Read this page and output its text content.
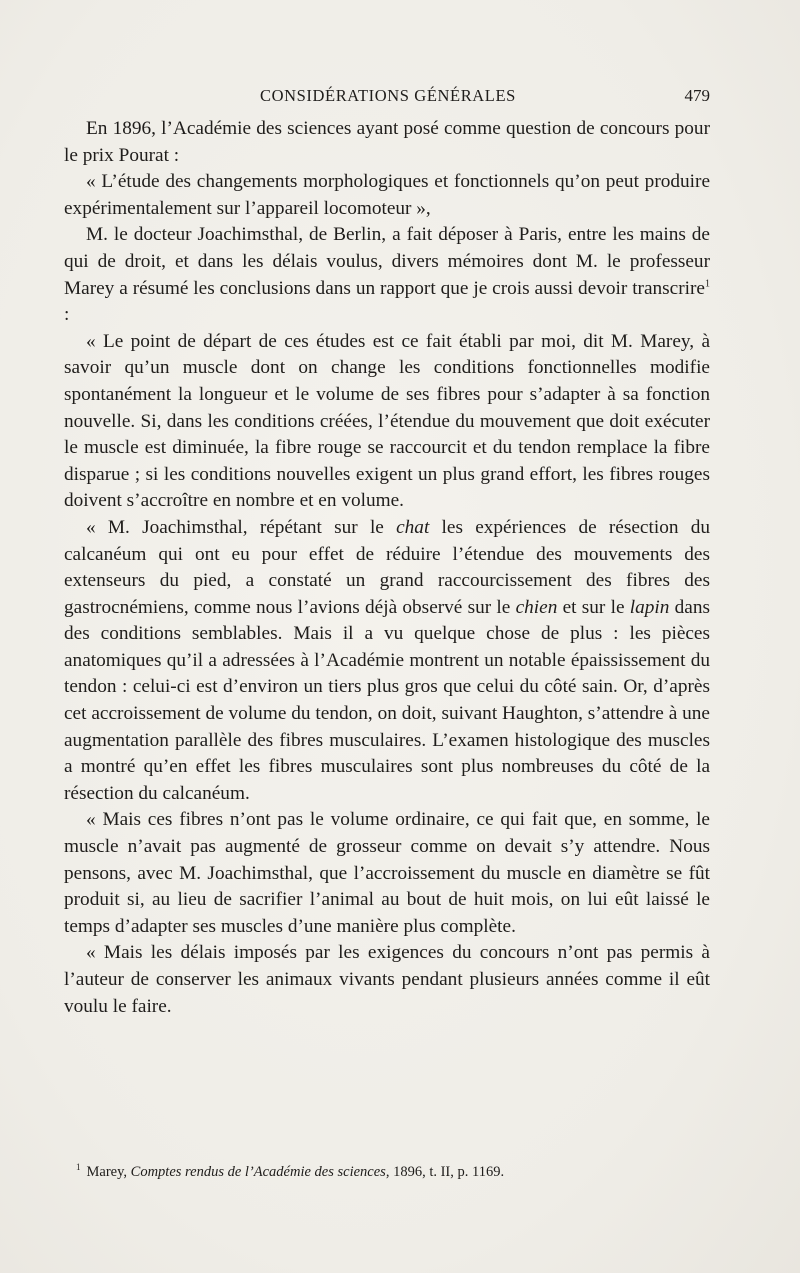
CONSIDÉRATIONS GÉNÉRALES	479

En 1896, l’Académie des sciences ayant posé comme question de concours pour le prix Pourat :

« L’étude des changements morphologiques et fonctionnels qu’on peut produire expérimentalement sur l’appareil locomoteur »,

M. le docteur Joachimsthal, de Berlin, a fait déposer à Paris, entre les mains de qui de droit, et dans les délais voulus, divers mémoires dont M. le professeur Marey a résumé les conclusions dans un rapport que je crois aussi devoir transcrire$^1$ :

« Le point de départ de ces études est ce fait établi par moi, dit M. Marey, à savoir qu’un muscle dont on change les conditions fonctionnelles modifie spontanément la longueur et le volume de ses fibres pour s’adapter à sa fonction nouvelle. Si, dans les conditions créées, l’étendue du mouvement que doit exécuter le muscle est diminuée, la fibre rouge se raccourcit et du tendon remplace la fibre disparue ; si les conditions nouvelles exigent un plus grand effort, les fibres rouges doivent s’accroître en nombre et en volume.

« M. Joachimsthal, répétant sur le chat les expériences de résection du calcanéum qui ont eu pour effet de réduire l’étendue des mouvements des extenseurs du pied, a constaté un grand raccourcissement des fibres des gastrocnémiens, comme nous l’avions déjà observé sur le chien et sur le lapin dans des conditions semblables. Mais il a vu quelque chose de plus : les pièces anatomiques qu’il a adressées à l’Académie montrent un notable épaississement du tendon : celui-ci est d’environ un tiers plus gros que celui du côté sain. Or, d’après cet accroissement de volume du tendon, on doit, suivant Haughton, s’attendre à une augmentation parallèle des fibres musculaires. L’examen histologique des muscles a montré qu’en effet les fibres musculaires sont plus nombreuses du côté de la résection du calcanéum.

« Mais ces fibres n’ont pas le volume ordinaire, ce qui fait que, en somme, le muscle n’avait pas augmenté de grosseur comme on devait s’y attendre. Nous pensons, avec M. Joachimsthal, que l’accroissement du muscle en diamètre se fût produit si, au lieu de sacrifier l’animal au bout de huit mois, on lui eût laissé le temps d’adapter ses muscles d’une manière plus complète.

« Mais les délais imposés par les exigences du concours n’ont pas permis à l’auteur de conserver les animaux vivants pendant plusieurs années comme il eût voulu le faire.

$^1$ Marey, Comptes rendus de l’Académie des sciences, 1896, t. II, p. 1169.
